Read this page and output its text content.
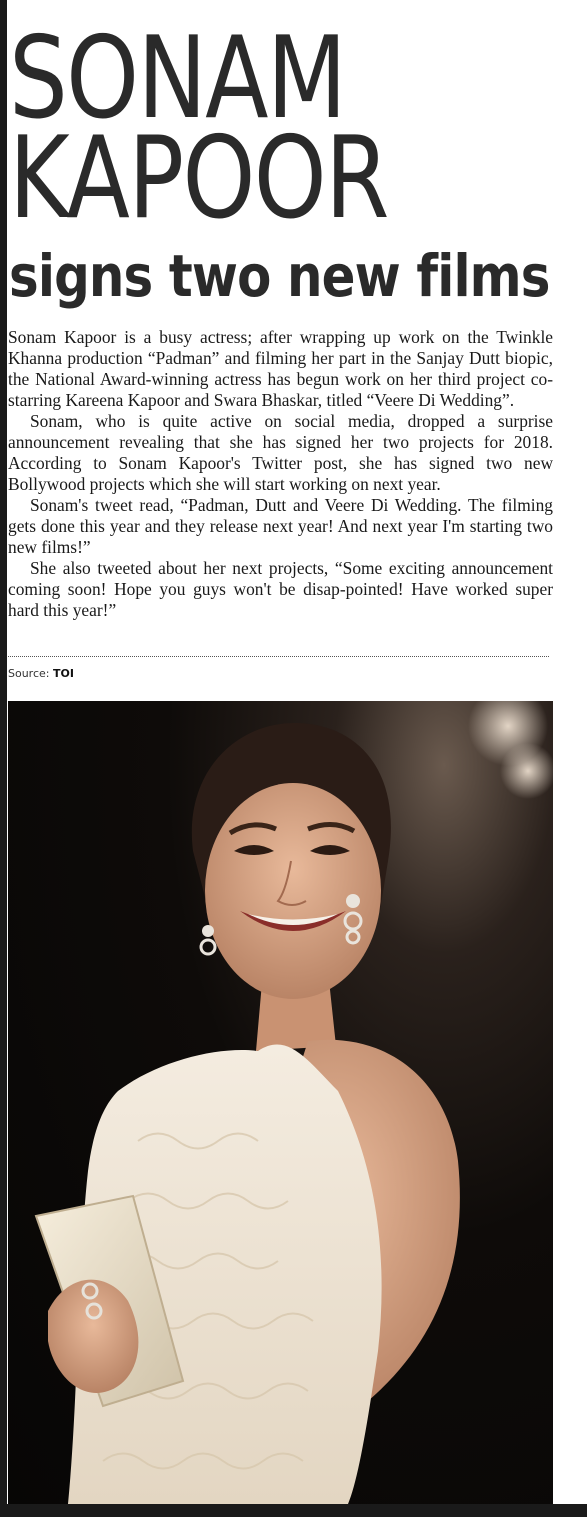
SONAM
KAPOOR
signs two new films

Sonam Kapoor is a busy actress; after wrapping up work on the Twinkle Khanna production “Padman” and filming her part in the Sanjay Dutt biopic, the National Award-winning actress has begun work on her third project co-starring Kareena Kapoor and Swara Bhaskar, titled “Veere Di Wedding”.

Sonam, who is quite active on social media, dropped a surprise announcement revealing that she has signed her two projects for 2018. According to Sonam Kapoor's Twitter post, she has signed two new Bollywood projects which she will start working on next year.

Sonam's tweet read, “Padman, Dutt and Veere Di Wedding. The filming gets done this year and they release next year! And next year I'm starting two new films!”

She also tweeted about her next projects, “Some exciting announcement coming soon! Hope you guys won't be disap-pointed! Have worked super hard this year!”

Source: TOI
